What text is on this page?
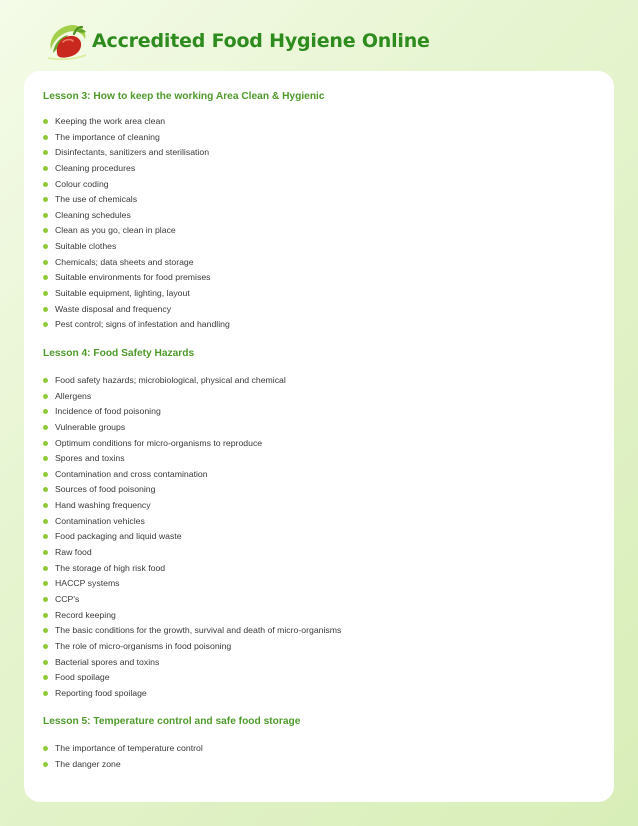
Accredited Food Hygiene Online
Lesson 3: How to keep the working Area Clean & Hygienic
Keeping the work area clean
The importance of cleaning
Disinfectants, sanitizers and sterilisation
Cleaning procedures
Colour coding
The use of chemicals
Cleaning schedules
Clean as you go, clean in place
Suitable clothes
Chemicals; data sheets and storage
Suitable environments for food premises
Suitable equipment, lighting, layout
Waste disposal and frequency
Pest control; signs of infestation and handling
Lesson 4: Food Safety Hazards
Food safety hazards; microbiological, physical and chemical
Allergens
Incidence of food poisoning
Vulnerable groups
Optimum conditions for micro-organisms to reproduce
Spores and toxins
Contamination and cross contamination
Sources of food poisoning
Hand washing frequency
Contamination vehicles
Food packaging and liquid waste
Raw food
The storage of high risk food
HACCP systems
CCP's
Record keeping
The basic conditions for the growth, survival and death of micro-organisms
The role of micro-organisms in food poisoning
Bacterial spores and toxins
Food spoilage
Reporting food spoilage
Lesson 5: Temperature control and safe food storage
The importance of temperature control
The danger zone
